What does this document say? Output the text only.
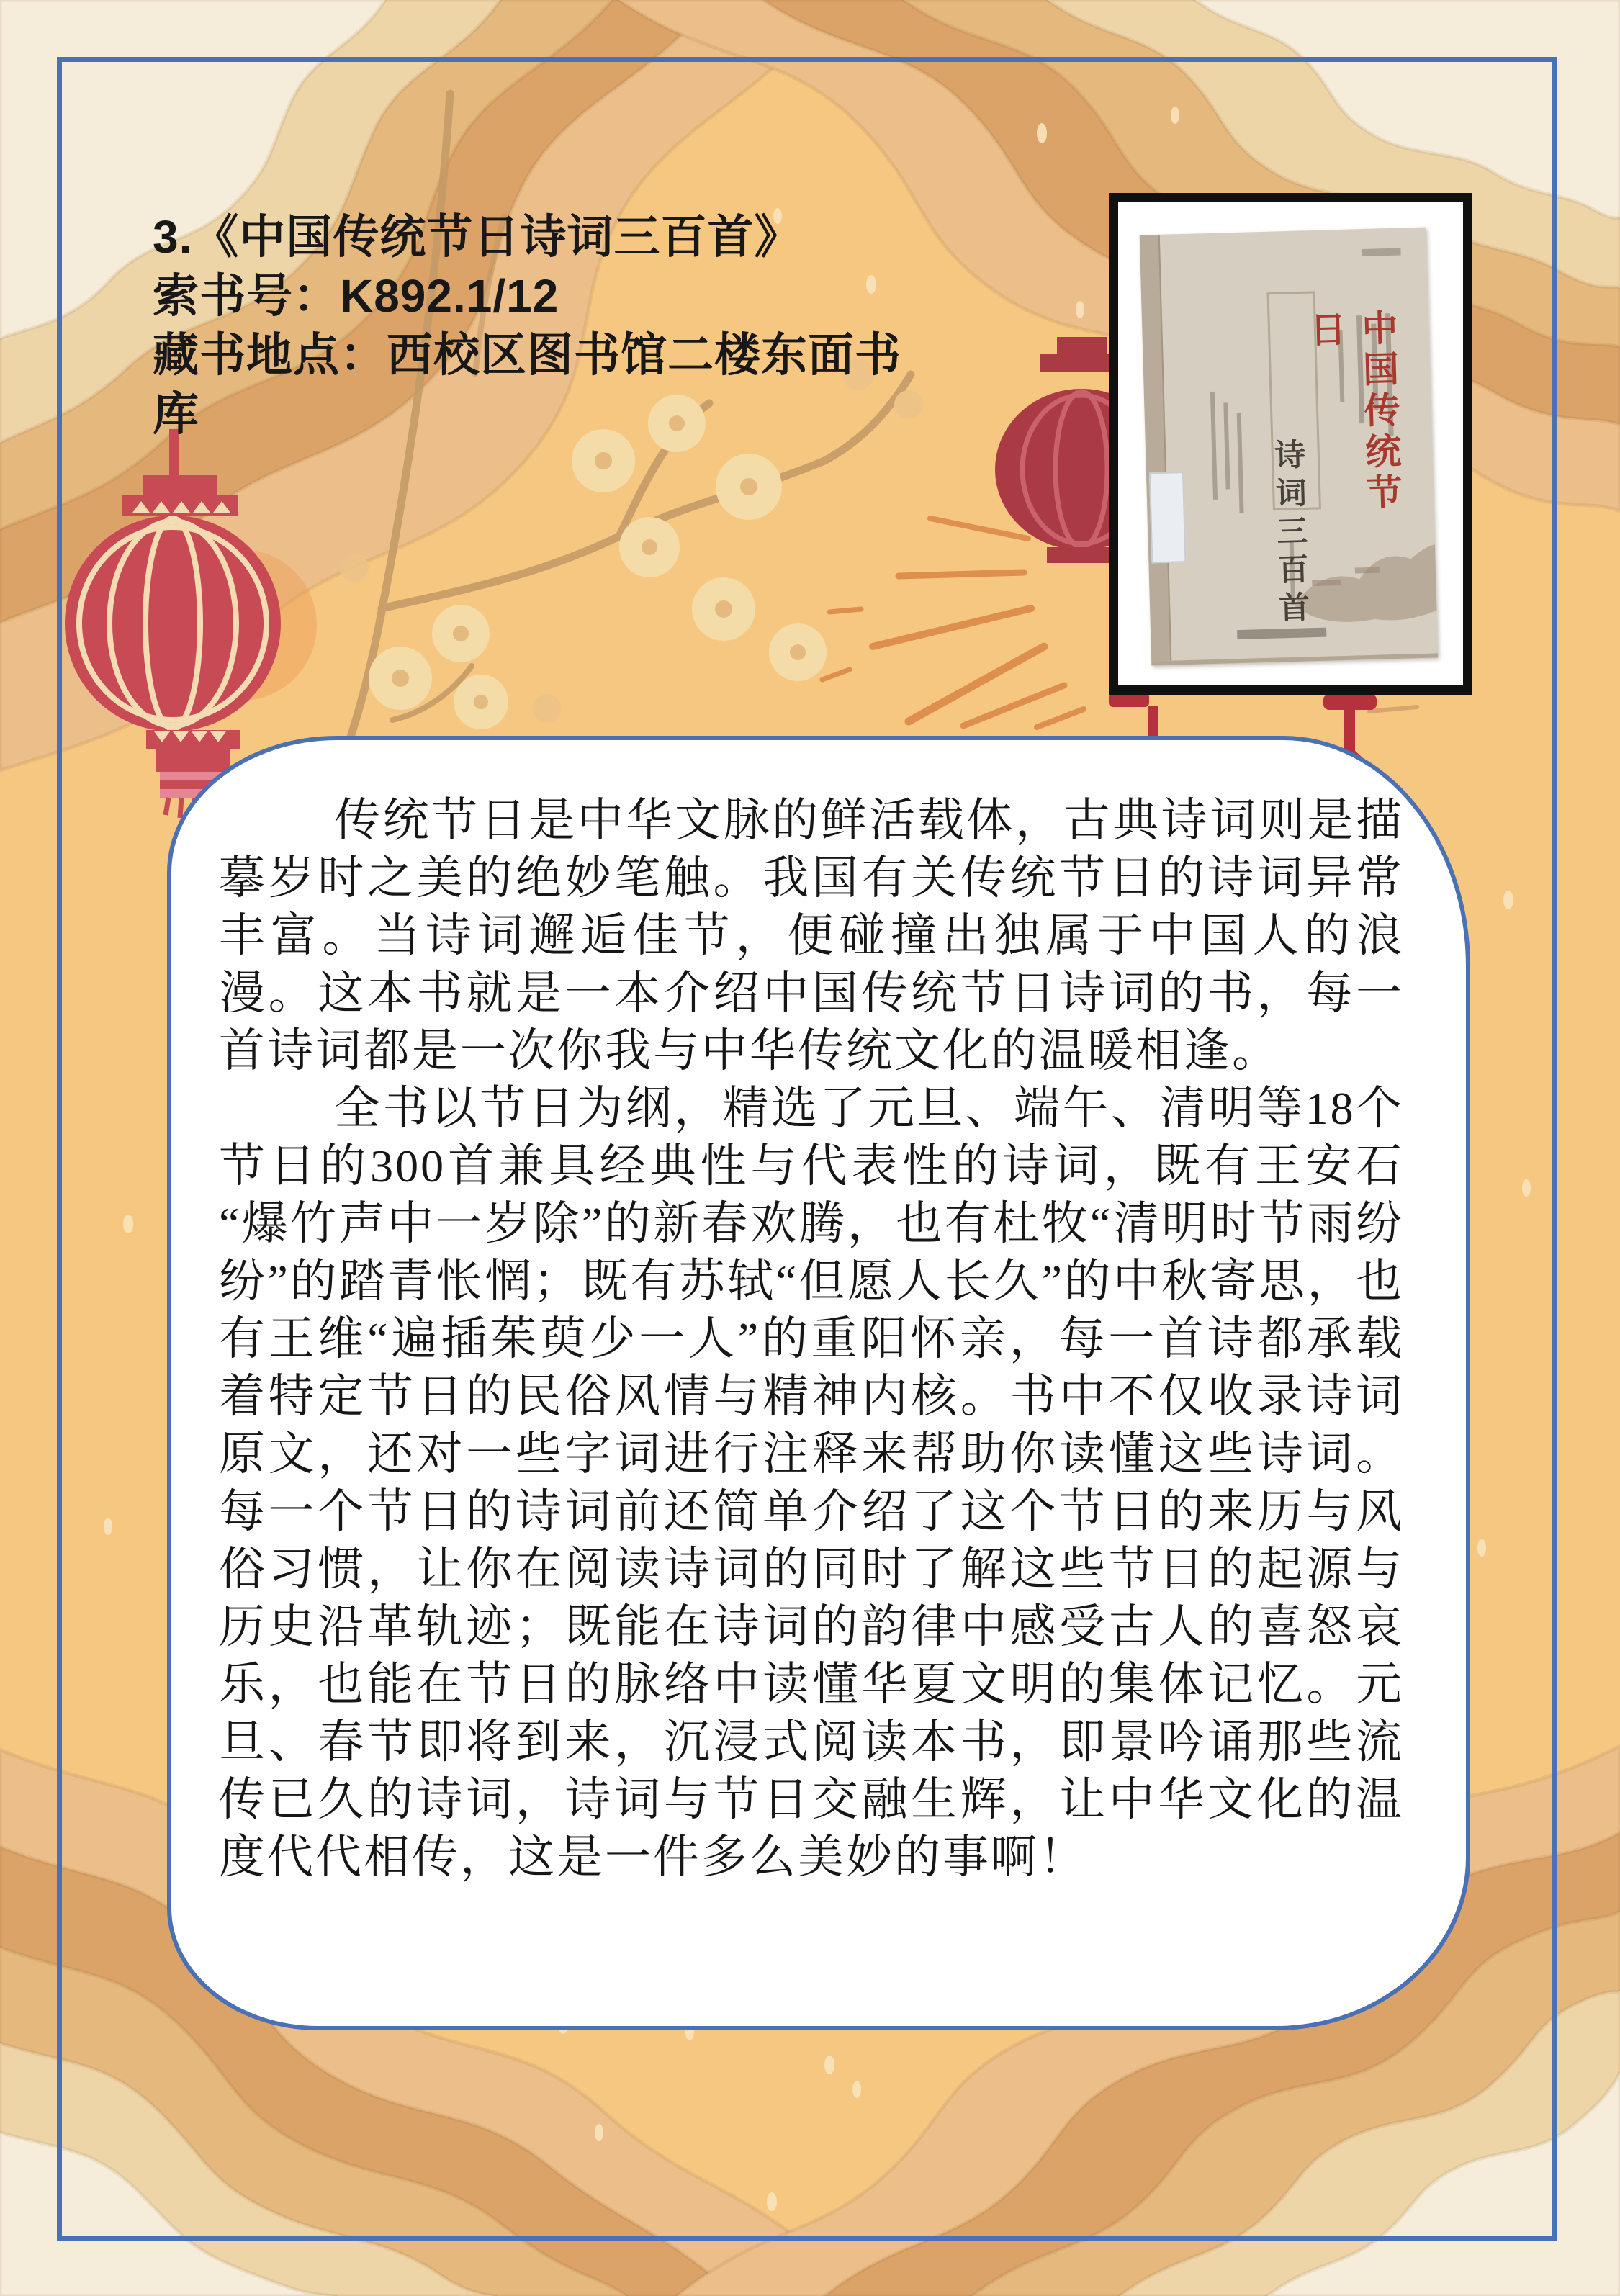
3.《中国传统节日诗词三百首》
索书号：K892.1/12
藏书地点：西校区图书馆二楼东面书库	中国传统节日
诗词三百首

传统节日是中华文脉的鲜活载体，古典诗词则是描摹岁时之美的绝妙笔触。我国有关传统节日的诗词异常丰富。当诗词邂逅佳节，便碰撞出独属于中国人的浪漫。这本书就是一本介绍中国传统节日诗词的书，每一首诗词都是一次你我与中华传统文化的温暖相逢。

全书以节日为纲，精选了元旦、端午、清明等18个节日的300首兼具经典性与代表性的诗词，既有王安石“爆竹声中一岁除”的新春欢腾，也有杜牧“清明时节雨纷纷”的踏青怅惘；既有苏轼“但愿人长久”的中秋寄思，也有王维“遍插茱萸少一人”的重阳怀亲，每一首诗都承载着特定节日的民俗风情与精神内核。书中不仅收录诗词原文，还对一些字词进行注释来帮助你读懂这些诗词。每一个节日的诗词前还简单介绍了这个节日的来历与风俗习惯，让你在阅读诗词的同时了解这些节日的起源与历史沿革轨迹；既能在诗词的韵律中感受古人的喜怒哀乐，也能在节日的脉络中读懂华夏文明的集体记忆。元旦、春节即将到来，沉浸式阅读本书，即景吟诵那些流传已久的诗词，诗词与节日交融生辉，让中华文化的温度代代相传，这是一件多么美妙的事啊！
